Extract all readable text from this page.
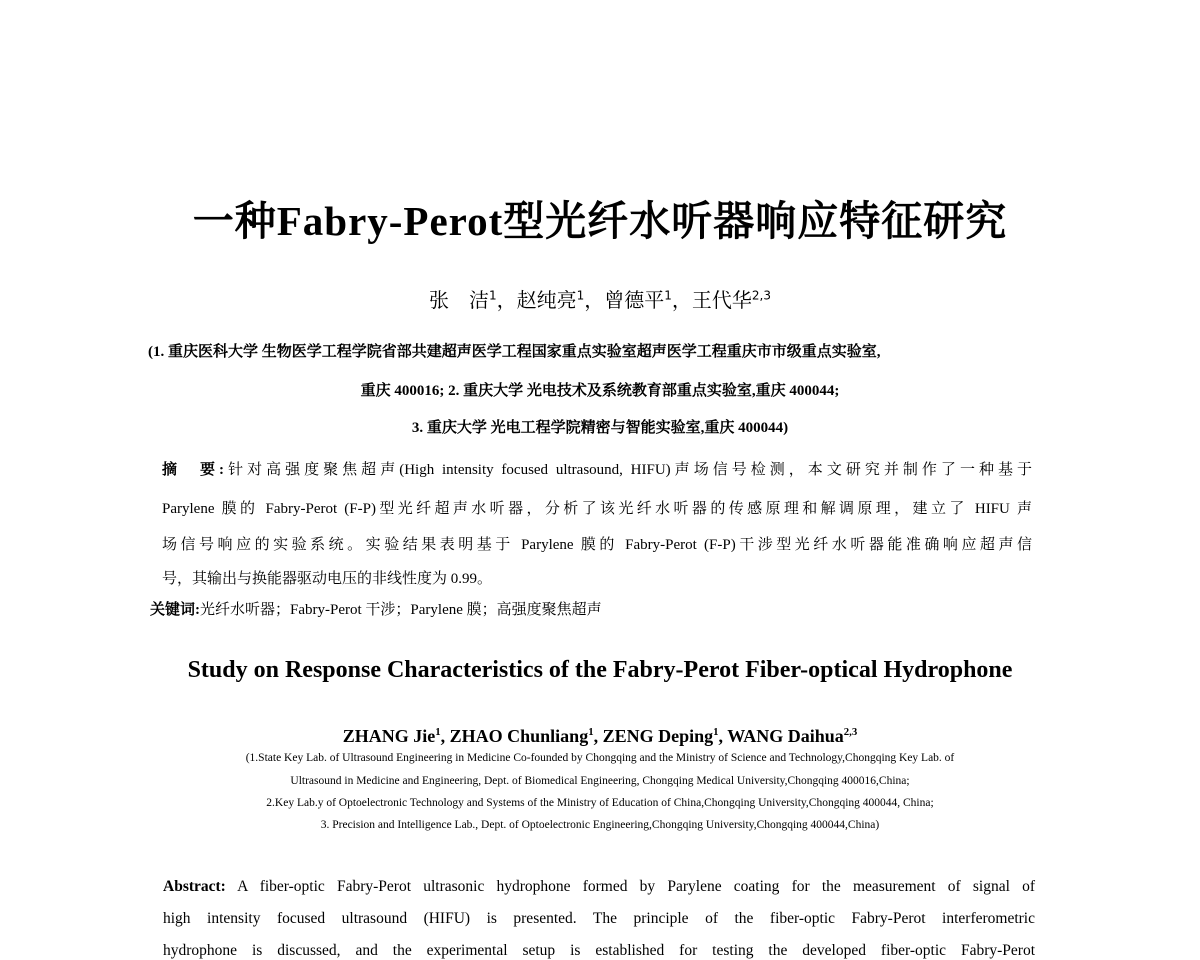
一种Fabry-Perot型光纤水听器响应特征研究
张　洁$^1$，赵纯亮$^1$，曾德平$^1$，王代华$^{2,3}$
(1. 重庆医科大学 生物医学工程学院省部共建超声医学工程国家重点实验室超声医学工程重庆市市级重点实验室,
重庆 400016; 2. 重庆大学 光电技术及系统教育部重点实验室,重庆 400044;
3. 重庆大学 光电工程学院精密与智能实验室,重庆 400044)
摘　要:针对高强度聚焦超声(High intensity focused ultrasound, HIFU)声场信号检测，本文研究并制作了一种基于
Parylene 膜的 Fabry-Perot (F-P)型光纤超声水听器，分析了该光纤水听器的传感原理和解调原理，建立了 HIFU 声
场信号响应的实验系统。实验结果表明基于 Parylene 膜的 Fabry-Perot (F-P)干涉型光纤水听器能准确响应超声信
号，其输出与换能器驱动电压的非线性度为 0.99。
关键词:光纤水听器；Fabry-Perot 干涉；Parylene 膜；高强度聚焦超声
Study on Response Characteristics of the Fabry-Perot Fiber-optical Hydrophone
ZHANG Jie$^1$, ZHAO Chunliang$^1$, ZENG Deping$^1$, WANG Daihua$^{2,3}$
(1.State Key Lab. of Ultrasound Engineering in Medicine Co-founded by Chongqing and the Ministry of Science and Technology,Chongqing Key Lab. of
Ultrasound in Medicine and Engineering, Dept. of Biomedical Engineering, Chongqing Medical University,Chongqing 400016,China;
2.Key Lab.y of Optoelectronic Technology and Systems of the Ministry of Education of China,Chongqing University,Chongqing 400044, China;
3. Precision and Intelligence Lab., Dept. of Optoelectronic Engineering,Chongqing University,Chongqing 400044,China)
Abstract: A fiber-optic Fabry-Perot ultrasonic hydrophone formed by Parylene coating for the measurement of signal of
high intensity focused ultrasound (HIFU) is presented. The principle of the fiber-optic Fabry-Perot interferometric
hydrophone is discussed, and the experimental setup is established for testing the developed fiber-optic Fabry-Perot
